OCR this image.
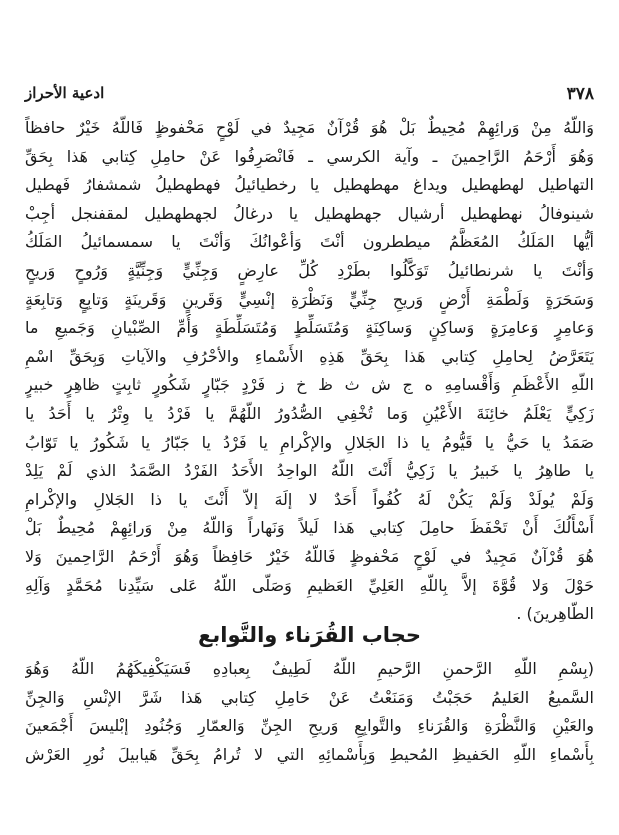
ادعية الأحراز	٣٧٨
وَاللّهُ مِنْ وَرائِهِمْ مُحِيطٌ بَلْ هُوَ قُرْآنٌ مَجِيدٌ في لَوْحٍ مَحْفوظٍ فَاللّهُ خَيْرٌ حافظاً
وَهُوَ أَرْحَمُ الرَّاحِمينَ ـ وآية الكرسي ـ فَانْصَرِفُوا عَنْ حامِلِ كِتابي هَذا بِحَقِّ
التهاطيل لهطهطيل ويداغ مهطهطيل يا رخطيائيلُ فهطهطيلُ شمشفارُ فَهطيل
شينوفالُ نهطهطيل أرشيال جهطهطيل يا درغالُ لجهطهطيل لمقفنجل أجِبْ
أيُّها المَلَكُ المُعَظَّمُ ميططرون أنْتَ وَأعْوانُكَ وَأنْتَ يا سمسمائيلُ المَلَكُ
وَأنْتَ يا شرنطائيلُ تَوَكَّلُوا بطَرْدِ كُلِّ عارِضٍ وَجِنِّيٍّ وَجِنِّيَّةٍ وَرُوحٍ وَريحٍ
وَسَحَرَةٍ وَلَطْمَةِ أَرْضٍ وَريحِ جِنِّيٍّ وَنَظْرَةِ إنْسِيٍّ وَقَرينٍ وَقَرينَةٍ وَتابِعٍ وَتابِعَةٍ
وَعامِرٍ وَعامِرَةٍ وَساكِنٍ وَساكِنَةٍ وَمُتَسَلِّطٍ وَمُتَسَلِّطَةٍ وَأُمِّ الصِّبْيانِ وَجَميعِ ما
يَتَعَرَّضُ لِحامِلِ كِتابي هَذا بِحَقِّ هَذِهِ الأَسْماءِ والأحْرُفِ والآياتِ وَبِحَقِّ اسْمِ
اللّهِ الأَعْظَمِ وَأَقْسامِهِ ه ج ش ث ظ خ ز فَرْدٍ جَبّارٍ شَكُورٍ ثابِتٍ ظاهِرٍ خبيرٍ
زَكِيٍّ يَعْلَمُ خائِنَةَ الأَعْيُنِ وَما تُخْفِي الصُّدُورُ اللّهُمَّ يا فَرْدُ يا وِتْرُ يا أَحَدُ يا
صَمَدُ يا حَيُّ يا قَيُّومُ يا ذا الجَلالِ والإكْرامِ يا فَرْدُ يا جَبّارُ يا شَكُورُ يا تَوّابُ
يا طاهِرُ يا خَبيرُ يا زَكِيُّ أَنْتَ اللّهُ الواحِدُ الأَحَدُ الفَرْدُ الصَّمَدُ الذي لَمْ يَلِدْ
وَلَمْ يُولَدْ وَلَمْ يَكُنْ لَهُ كُفُواً أَحَدٌ لا إلَهَ إلاّ أَنْتَ يا ذا الجَلالِ والإكْرامِ
أَسْأَلُكَ أَنْ تَحْفَظَ حامِلَ كِتابي هَذا لَيلاً وَنَهاراً وَاللّهُ مِنْ وَرائِهِمْ مُحِيطٌ بَلْ
هُوَ قُرْآنٌ مَجِيدٌ في لَوْحٍ مَحْفوظٍ فَاللّهُ خَيْرٌ حَافِظاً وَهُوَ أَرْحَمُ الرَّاحِمينَ وَلا
حَوْلَ وَلا قُوَّةَ إلاَّ بِاللّهِ العَلِيِّ العَظيمِ وَصَلّى اللّهُ عَلى سَيِّدِنا مُحَمَّدٍ وَآلِهِ
الطّاهِرينَ) .
حجاب القُرَناء والتَّوابع
(بِسْمِ اللّهِ الرَّحمنِ الرَّحيمِ اللّهُ لَطِيفٌ بِعبادِهِ فَسَيَكْفِيكَهُمُ اللّهُ وَهُوَ
السَّميعُ العَليمُ حَجَبْتُ وَمَنَعْتُ عَنْ حَامِلِ كِتابي هَذا شَرَّ الإنْسِ وَالجِنِّ
والعَيْنِ وَالنَّظْرَةِ وَالقُرَناءِ والتَّوابِعِ وَريحِ الجِنِّ وَالعمّارِ وَجُنُودِ إبْليسَ أَجْمَعينَ
بِأَسْماءِ اللّهِ الحَفيظِ المُحيطِ وَبِأَسْمائِهِ التي لا تُرامُ بِحَقِّ هَيابيلَ نُورِ العَرْش
